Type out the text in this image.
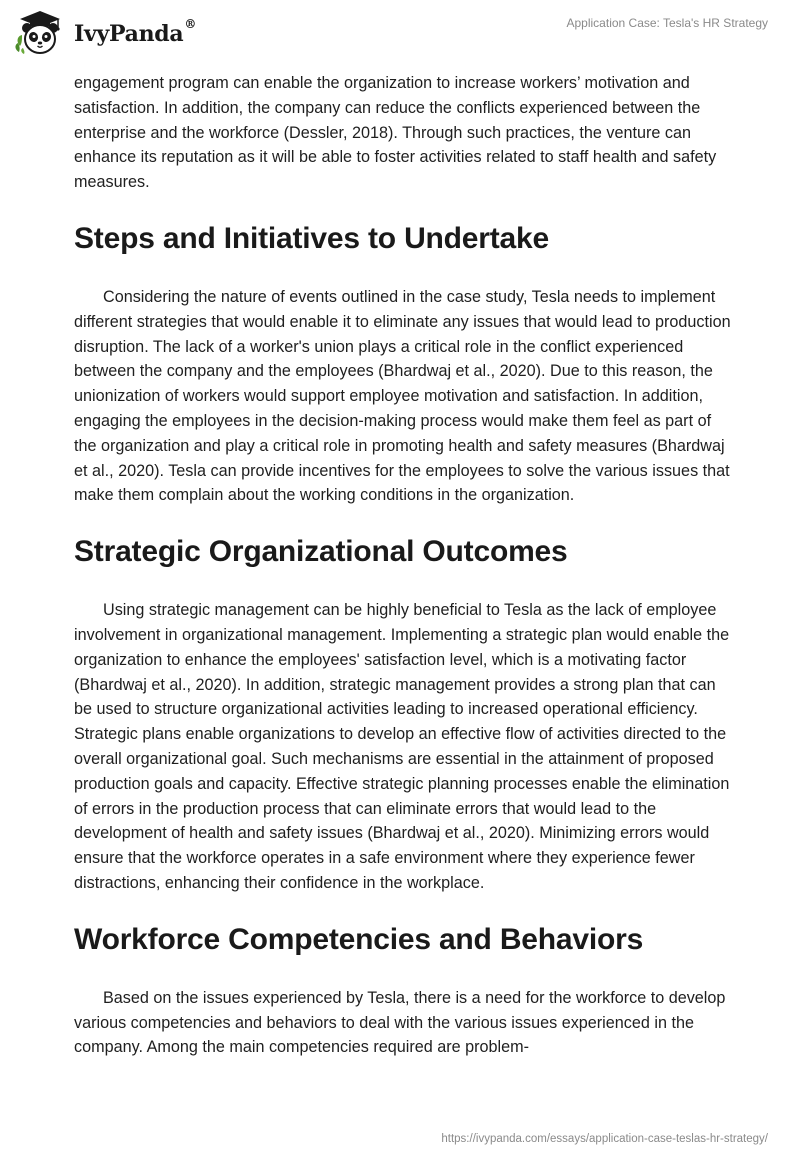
IvyPanda®	Application Case: Tesla's HR Strategy

engagement program can enable the organization to increase workers’ motivation and satisfaction. In addition, the company can reduce the conflicts experienced between the enterprise and the workforce (Dessler, 2018). Through such practices, the venture can enhance its reputation as it will be able to foster activities related to staff health and safety measures.

Steps and Initiatives to Undertake

Considering the nature of events outlined in the case study, Tesla needs to implement different strategies that would enable it to eliminate any issues that would lead to production disruption. The lack of a worker's union plays a critical role in the conflict experienced between the company and the employees (Bhardwaj et al., 2020). Due to this reason, the unionization of workers would support employee motivation and satisfaction. In addition, engaging the employees in the decision-making process would make them feel as part of the organization and play a critical role in promoting health and safety measures (Bhardwaj et al., 2020). Tesla can provide incentives for the employees to solve the various issues that make them complain about the working conditions in the organization.

Strategic Organizational Outcomes

Using strategic management can be highly beneficial to Tesla as the lack of employee involvement in organizational management. Implementing a strategic plan would enable the organization to enhance the employees' satisfaction level, which is a motivating factor (Bhardwaj et al., 2020). In addition, strategic management provides a strong plan that can be used to structure organizational activities leading to increased operational efficiency. Strategic plans enable organizations to develop an effective flow of activities directed to the overall organizational goal. Such mechanisms are essential in the attainment of proposed production goals and capacity. Effective strategic planning processes enable the elimination of errors in the production process that can eliminate errors that would lead to the development of health and safety issues (Bhardwaj et al., 2020). Minimizing errors would ensure that the workforce operates in a safe environment where they experience fewer distractions, enhancing their confidence in the workplace.

Workforce Competencies and Behaviors

Based on the issues experienced by Tesla, there is a need for the workforce to develop various competencies and behaviors to deal with the various issues experienced in the company. Among the main competencies required are problem-

https://ivypanda.com/essays/application-case-teslas-hr-strategy/
